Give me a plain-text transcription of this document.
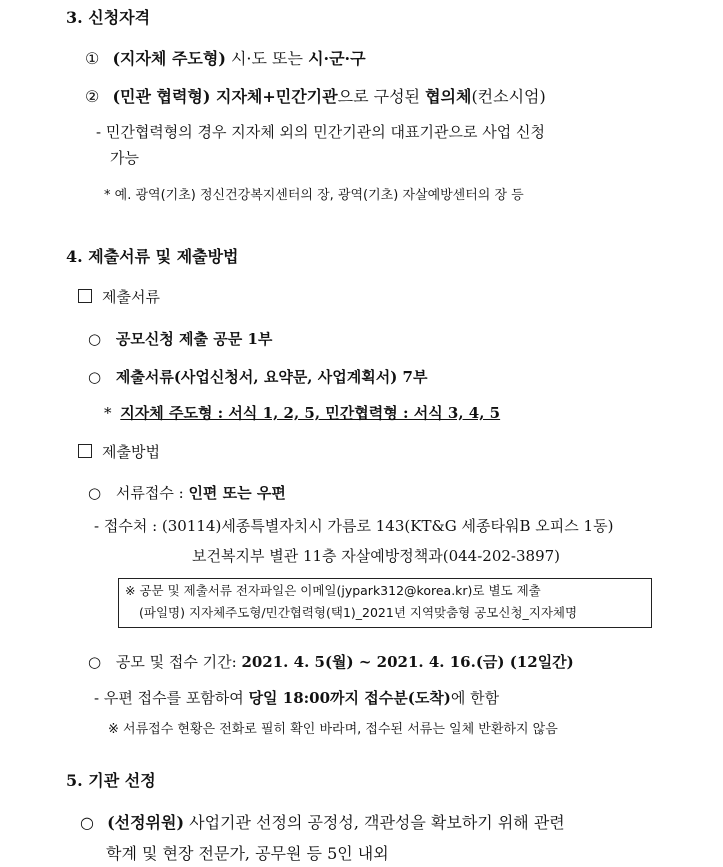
3. 신청자격
① (지자체 주도형) 시·도 또는 시·군·구
② (민관 협력형) 지자체+민간기관으로 구성된 협의체(컨소시엄)
- 민간협력형의 경우 지자체 외의 민간기관의 대표기관으로 사업 신청
가능
* 예. 광역(기초) 정신건강복지센터의 장, 광역(기초) 자살예방센터의 장 등
4. 제출서류 및 제출방법
제출서류
○ 공모신청 제출 공문 1부
○ 제출서류(사업신청서, 요약문, 사업계획서) 7부
* 지자체 주도형 : 서식 1, 2, 5, 민간협력형 : 서식 3, 4, 5
제출방법
○ 서류접수 : 인편 또는 우편
- 접수처 : (30114)세종특별자치시 가름로 143(KT&G 세종타워B 오피스 1동)
보건복지부 별관 11층 자살예방정책과(044-202-3897)
※ 공문 및 제출서류 전자파일은 이메일(jypark312@korea.kr)로 별도 제출
(파일명) 지자체주도형/민간협력형(택1)_2021년 지역맞춤형 공모신청_지자체명
○ 공모 및 접수 기간: 2021. 4. 5(월) ~ 2021. 4. 16.(금) (12일간)
- 우편 접수를 포함하여 당일 18:00까지 접수분(도착)에 한함
※ 서류접수 현황은 전화로 필히 확인 바라며, 접수된 서류는 일체 반환하지 않음
5. 기관 선정
○ (선정위원) 사업기관 선정의 공정성, 객관성을 확보하기 위해 관련
학계 및 현장 전문가, 공무원 등 5인 내외
